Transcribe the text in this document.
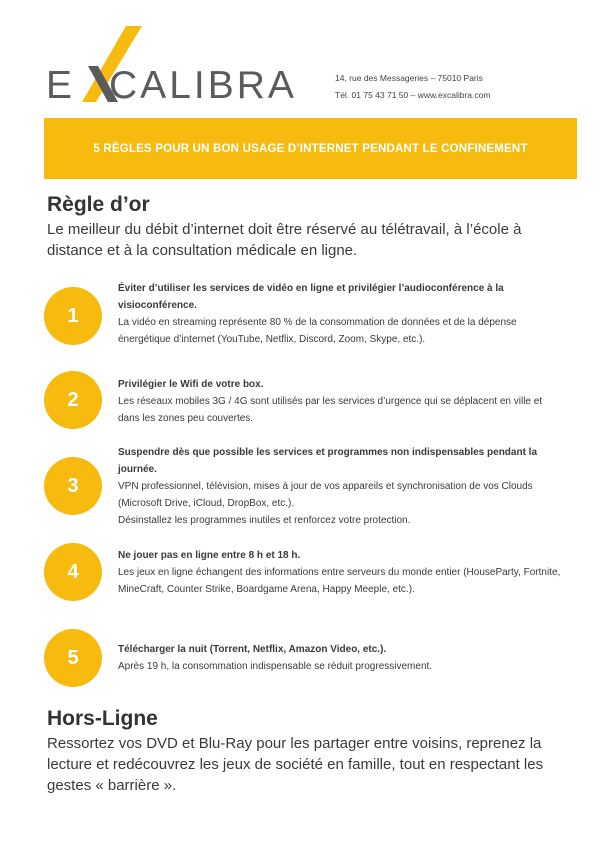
E CALIBRA	14, rue des Messageries – 75010 Paris
Tél. 01 75 43 71 50 – www.excalibra.com
5 RÈGLES POUR UN BON USAGE D’INTERNET PENDANT LE CONFINEMENT
Règle d’or
Le meilleur du débit d’internet doit être réservé au télétravail, à l’école à distance et à la consultation médicale en ligne.
1
Éviter d’utiliser les services de vidéo en ligne et privilégier l’audioconférence à la visioconférence.
La vidéo en streaming représente 80 % de la consommation de données et de la dépense énergétique d’internet (YouTube, Netflix, Discord, Zoom, Skype, etc.).
2
Privilégier le Wifi de votre box.
Les réseaux mobiles 3G / 4G sont utilisés par les services d’urgence qui se déplacent en ville et dans les zones peu couvertes.
3
Suspendre dès que possible les services et programmes non indispensables pendant la journée.
VPN professionnel, télévision, mises à jour de vos appareils et synchronisation de vos Clouds (Microsoft Drive, iCloud, DropBox, etc.).
Désinstallez les programmes inutiles et renforcez votre protection.
4
Ne jouer pas en ligne entre 8 h et 18 h.
Les jeux en ligne échangent des informations entre serveurs du monde entier (HouseParty, Fortnite, MineCraft, Counter Strike, Boardgame Arena, Happy Meeple, etc.).
5	Télécharger la nuit (Torrent, Netflix, Amazon Video, etc.).
Après 19 h, la consommation indispensable se réduit progressivement.
Hors-Ligne
Ressortez vos DVD et Blu-Ray pour les partager entre voisins, reprenez la lecture et redécouvrez les jeux de société en famille, tout en respectant les gestes « barrière ».
